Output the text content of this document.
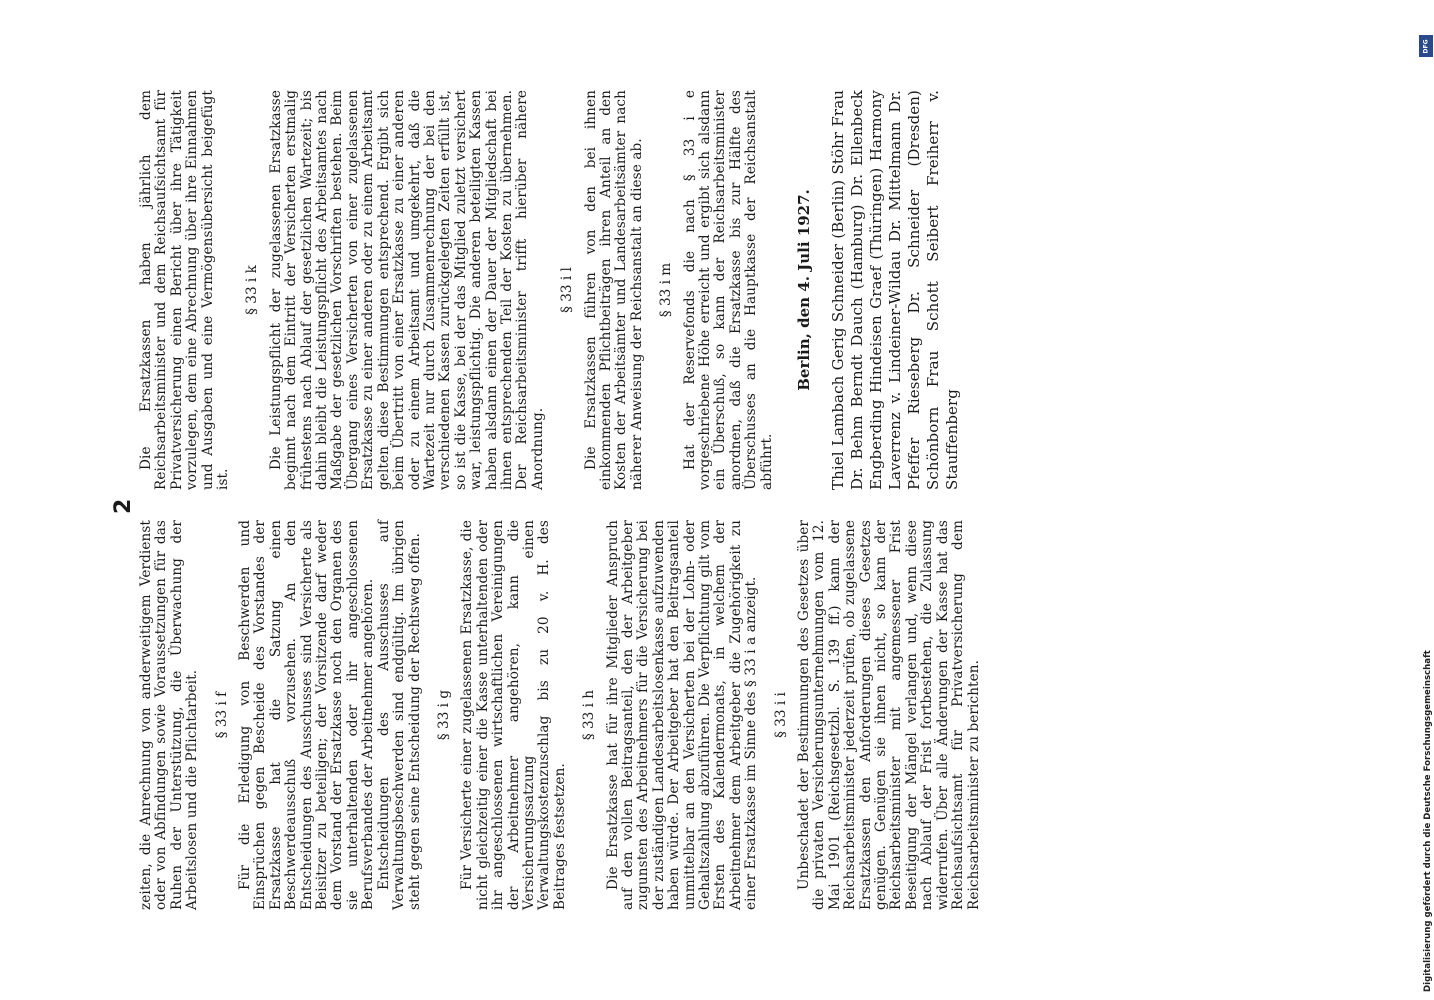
2

zeiten, die Anrechnung von anderweitigem Verdienst oder von Abfindungen sowie Voraussetzungen für das Ruhen der Unterstützung, die Überwachung der Arbeitslosen und die Pflichtarbeit. § 33 i f Für die Erledigung von Beschwerden und Einsprüchen gegen Bescheide des Vorstandes der Ersatzkasse hat die Satzung einen Beschwerdeausschuß vorzusehen. An den Entscheidungen des Ausschusses sind Versicherte als Beisitzer zu beteiligen; der Vorsitzende darf weder dem Vorstand der Ersatzkasse noch den Organen des sie unterhaltenden oder ihr angeschlossenen Berufsverbandes der Arbeitnehmer angehören. Entscheidungen des Ausschusses auf Verwaltungsbeschwerden sind endgültig. Im übrigen steht gegen seine Entscheidung der Rechtsweg offen. § 33 i g Für Versicherte einer zugelassenen Ersatzkasse, die nicht gleichzeitig einer die Kasse unterhaltenden oder ihr angeschlossenen wirtschaftlichen Vereinigungen der Arbeitnehmer angehören, kann die Versicherungssatzung einen Verwaltungskostenzuschlag bis zu 20 v. H. des Beitrages festsetzen.

§ 33 i h Die Ersatzkasse hat für ihre Mitglieder Anspruch auf den vollen Beitragsanteil, den der Arbeitgeber zugunsten des Arbeitnehmers für die Versicherung bei der zuständigen Landesarbeitslosenkasse aufzuwenden haben würde. Der Arbeitgeber hat den Beitragsanteil unmittelbar an den Versicherten bei der Lohn- oder Gehaltszahlung abzuführen. Die Verpflichtung gilt vom Ersten des Kalendermonats, in welchem der Arbeitnehmer dem Arbeitgeber die Zugehörigkeit zu einer Ersatzkasse im Sinne des § 33 i a anzeigt. § 33 i i Unbeschadet der Bestimmungen des Gesetzes über die privaten Versicherungsunternehmungen vom 12. Mai 1901 (Reichsgesetzbl. S. 139 ff.) kann der Reichsarbeitsminister jederzeit prüfen, ob zugelassene Ersatzkassen den Anforderungen dieses Gesetzes genügen. Genügen sie ihnen nicht, so kann der Reichsarbeitsminister mit angemessener Frist Beseitigung der Mängel verlangen und, wenn diese nach Ablauf der Frist fortbestehen, die Zulassung widerrufen. Über alle Änderungen der Kasse hat das Reichsaufsichtsamt für Privatversicherung dem Reichsarbeitsminister zu berichten.

Die Ersatzkassen haben jährlich dem Reichsarbeitsminister und dem Reichsaufsichtsamt für Privatversicherung einen Bericht über ihre Tätigkeit vorzulegen, dem eine Abrechnung über ihre Einnahmen und Ausgaben und eine Vermögensübersicht beigefügt ist.

§ 33 i k Die Leistungspflicht der zugelassenen Ersatzkasse beginnt nach dem Eintritt der Versicherten erstmalig frühestens nach Ablauf der gesetzlichen Wartezeit; bis dahin bleibt die Leistungspflicht des Arbeitsamtes nach Maßgabe der gesetzlichen Vorschriften bestehen. Beim Übergang eines Versicherten von einer zugelassenen Ersatzkasse zu einer anderen oder zu einem Arbeitsamt gelten diese Bestimmungen entsprechend. Ergibt sich beim Übertritt von einer Ersatzkasse zu einer anderen oder zu einem Arbeitsamt und umgekehrt, daß die Wartezeit nur durch Zusammenrechnung der bei den verschiedenen Kassen zurückgelegten Zeiten erfüllt ist, so ist die Kasse, bei der das Mitglied zuletzt versichert war, leistungspflichtig. Die anderen beteiligten Kassen haben alsdann einen der Dauer der Mitgliedschaft bei ihnen entsprechenden Teil der Kosten zu übernehmen. Der Reichsarbeitsminister trifft hierüber nähere Anordnung.

§ 33 i l Die Ersatzkassen führen von den bei ihnen einkommenden Pflichtbeiträgen ihren Anteil an den Kosten der Arbeitsämter und Landesarbeitsämter nach näherer Anweisung der Reichsanstalt an diese ab. § 33 i m Hat der Reservefonds die nach § 33 i e vorgeschriebene Höhe erreicht und ergibt sich alsdann ein Überschuß, so kann der Reichsarbeitsminister anordnen, daß die Ersatzkasse bis zur Hälfte des Überschusses an die Hauptkasse der Reichsanstalt abführt.

Berlin, den 4. Juli 1927. Thiel Lambach Gerig Schneider (Berlin) Stöhr Frau Dr. Behm Berndt Dauch (Hamburg) Dr. Ellenbeck Engberding Hindeisen Graef (Thüringen) Harmony Laverrenz v. Lindeiner-Wildau Dr. Mittelmann Dr. Pfeffer Rieseberg Dr. Schneider (Dresden) Schönborn Frau Schott Seibert Freiherr v. Stauffenberg

DFG
Digitalisierung gefördert durch die Deutsche Forschungsgemeinschaft
